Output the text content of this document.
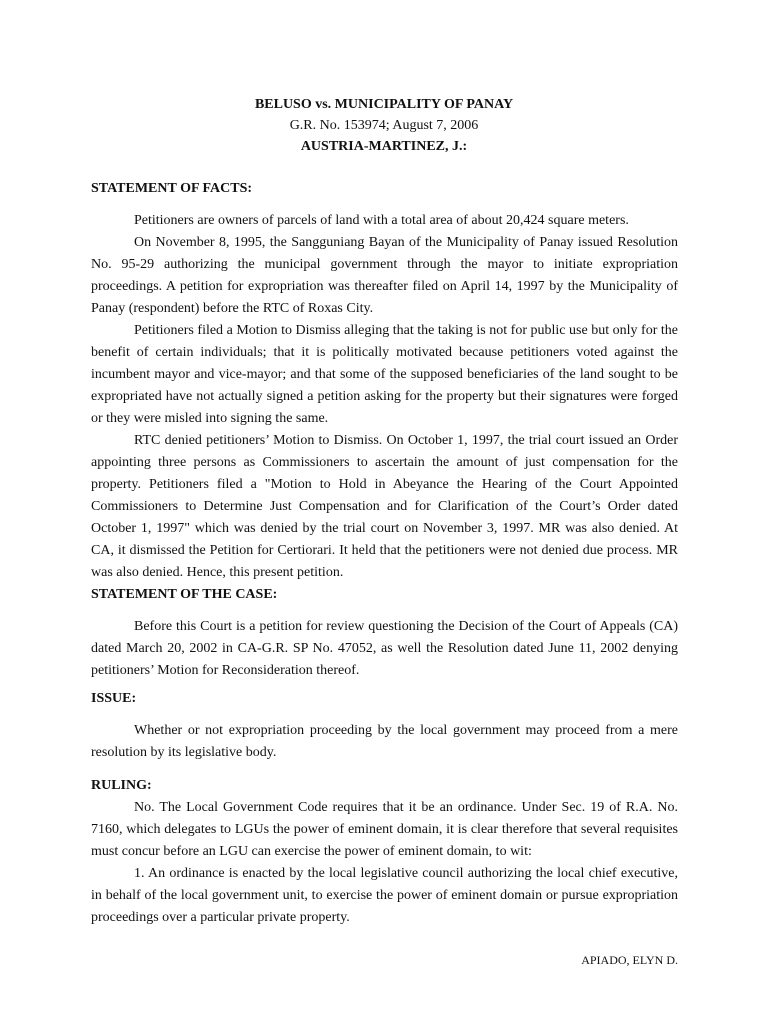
BELUSO vs. MUNICIPALITY OF PANAY
G.R. No. 153974; August 7, 2006
AUSTRIA-MARTINEZ, J.:
STATEMENT OF FACTS:

Petitioners are owners of parcels of land with a total area of about 20,424 square meters.

On November 8, 1995, the Sangguniang Bayan of the Municipality of Panay issued Resolution No. 95-29 authorizing the municipal government through the mayor to initiate expropriation proceedings. A petition for expropriation was thereafter filed on April 14, 1997 by the Municipality of Panay (respondent) before the RTC of Roxas City.

Petitioners filed a Motion to Dismiss alleging that the taking is not for public use but only for the benefit of certain individuals; that it is politically motivated because petitioners voted against the incumbent mayor and vice-mayor; and that some of the supposed beneficiaries of the land sought to be expropriated have not actually signed a petition asking for the property but their signatures were forged or they were misled into signing the same.

RTC denied petitioners’ Motion to Dismiss. On October 1, 1997, the trial court issued an Order appointing three persons as Commissioners to ascertain the amount of just compensation for the property. Petitioners filed a "Motion to Hold in Abeyance the Hearing of the Court Appointed Commissioners to Determine Just Compensation and for Clarification of the Court’s Order dated October 1, 1997" which was denied by the trial court on November 3, 1997. MR was also denied. At CA, it dismissed the Petition for Certiorari. It held that the petitioners were not denied due process. MR was also denied. Hence, this present petition.

STATEMENT OF THE CASE:

Before this Court is a petition for review questioning the Decision of the Court of Appeals (CA) dated March 20, 2002 in CA-G.R. SP No. 47052, as well the Resolution dated June 11, 2002 denying petitioners’ Motion for Reconsideration thereof.

ISSUE:

Whether or not expropriation proceeding by the local government may proceed from a mere resolution by its legislative body.

RULING:

No. The Local Government Code requires that it be an ordinance. Under Sec. 19 of R.A. No. 7160, which delegates to LGUs the power of eminent domain, it is clear therefore that several requisites must concur before an LGU can exercise the power of eminent domain, to wit:

1. An ordinance is enacted by the local legislative council authorizing the local chief executive, in behalf of the local government unit, to exercise the power of eminent domain or pursue expropriation proceedings over a particular private property.

APIADO, ELYN D.
